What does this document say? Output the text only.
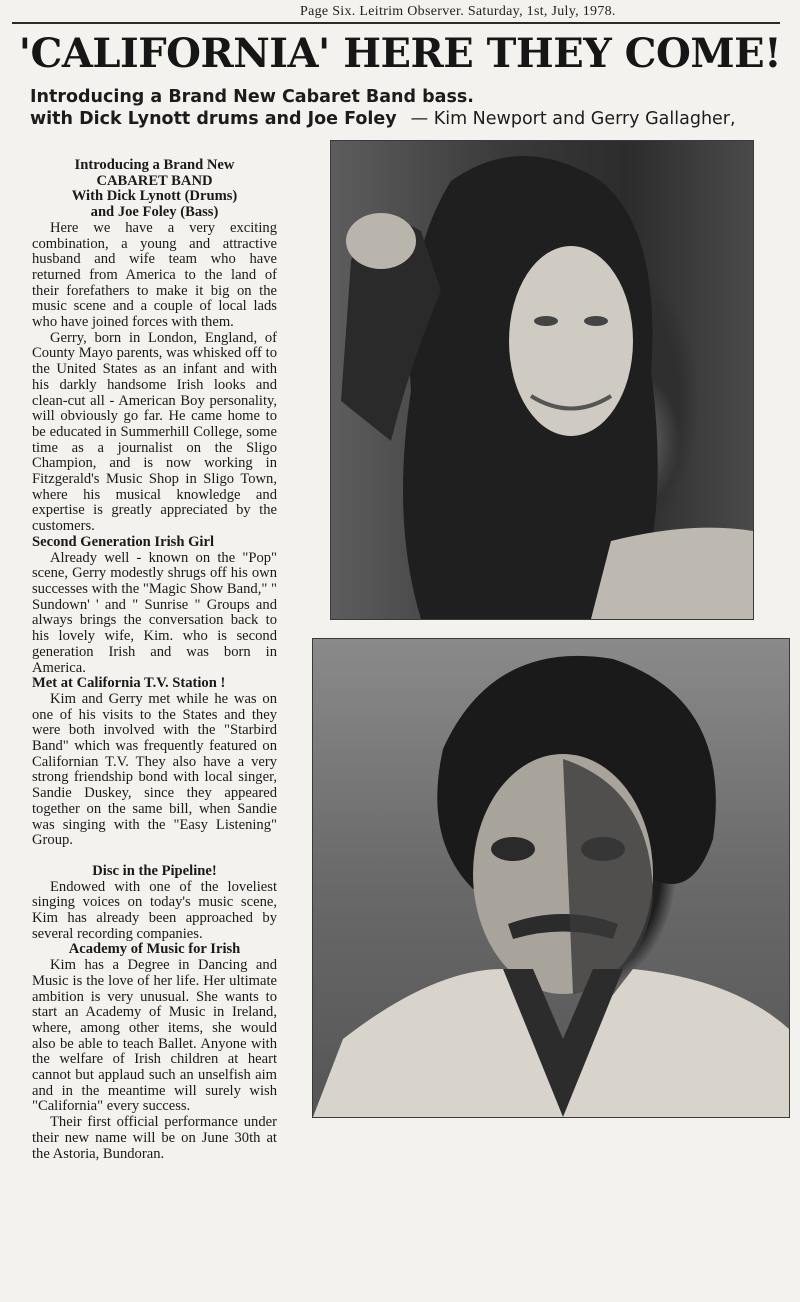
Page Six. Leitrim Observer. Saturday, 1st, July, 1978.
'CALIFORNIA' HERE THEY COME!
Introducing a Brand New Cabaret Band bass.
with Dick Lynott drums and Joe Foley — Kim Newport and Gerry Gallagher,
Introducing a Brand New
CABARET BAND
With Dick Lynott (Drums)
and Joe Foley (Bass)

Here we have a very exciting combination, a young and attractive husband and wife team who have returned from America to the land of their forefathers to make it big on the music scene and a couple of local lads who have joined forces with them.

Gerry, born in London, England, of County Mayo parents, was whisked off to the United States as an infant and with his darkly handsome Irish looks and clean-cut all - American Boy personality, will obviously go far. He came home to be educated in Summerhill College, some time as a journalist on the Sligo Champion, and is now working in Fitzgerald's Music Shop in Sligo Town, where his musical knowledge and expertise is greatly appreciated by the customers.

Second Generation Irish Girl

Already well - known on the "Pop" scene, Gerry modestly shrugs off his own successes with the "Magic Show Band," " Sundown' ' and " Sunrise " Groups and always brings the conversation back to his lovely wife, Kim. who is second generation Irish and was born in America.

Met at California T.V. Station !

Kim and Gerry met while he was on one of his visits to the States and they were both involved with the "Starbird Band" which was frequently featured on Californian T.V. They also have a very strong friendship bond with local singer, Sandie Duskey, since they appeared together on the same bill, when Sandie was singing with the "Easy Listening" Group.

Disc in the Pipeline!

Endowed with one of the loveliest singing voices on today's music scene, Kim has already been approached by several recording companies.

Academy of Music for Irish

Kim has a Degree in Dancing and Music is the love of her life. Her ultimate ambition is very unusual. She wants to start an Academy of Music in Ireland, where, among other items, she would also be able to teach Ballet. Anyone with the welfare of Irish children at heart cannot but applaud such an unselfish aim and in the meantime will surely wish "California" every success.

Their first official performance under their new name will be on June 30th at the Astoria, Bundoran.
